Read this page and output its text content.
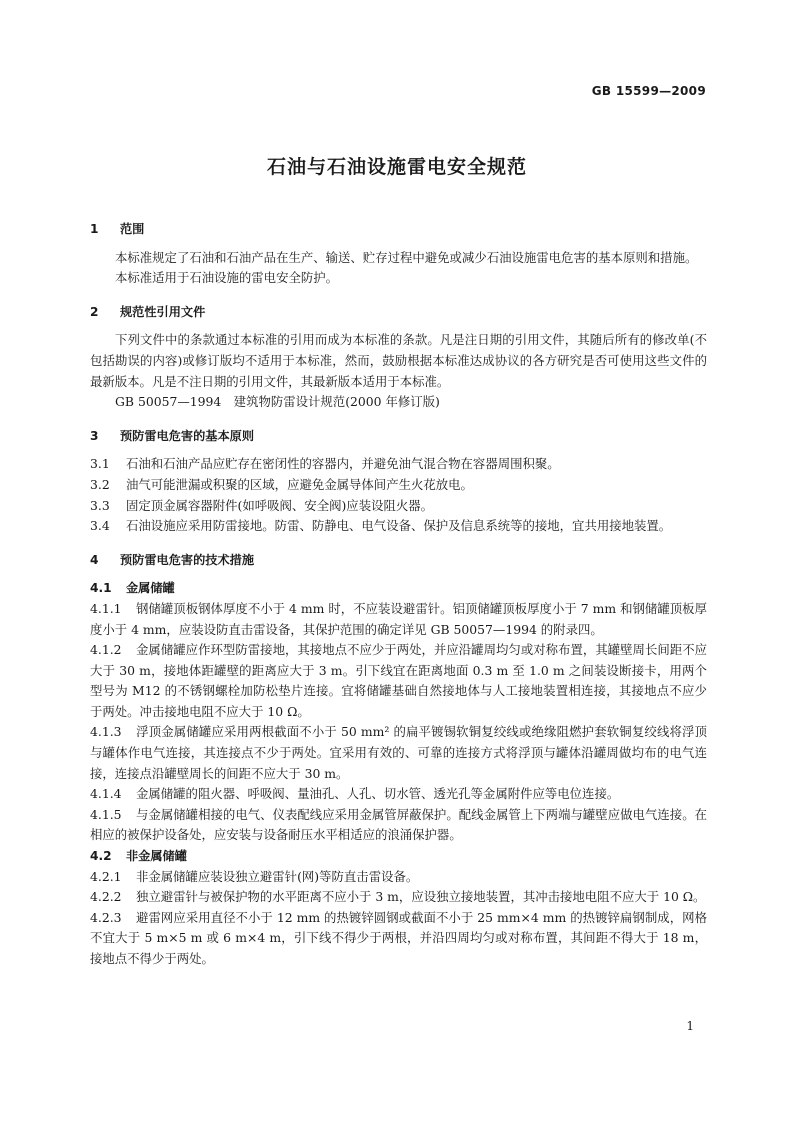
GB 15599—2009
石油与石油设施雷电安全规范
1 范围

本标准规定了石油和石油产品在生产、输送、贮存过程中避免或减少石油设施雷电危害的基本原则和措施。

本标准适用于石油设施的雷电安全防护。

2 规范性引用文件

下列文件中的条款通过本标准的引用而成为本标准的条款。凡是注日期的引用文件，其随后所有的修改单(不包括勘误的内容)或修订版均不适用于本标准，然而，鼓励根据本标准达成协议的各方研究是否可使用这些文件的最新版本。凡是不注日期的引用文件，其最新版本适用于本标准。

GB 50057—1994　建筑物防雷设计规范(2000 年修订版)

3 预防雷电危害的基本原则

3.1 石油和石油产品应贮存在密闭性的容器内，并避免油气混合物在容器周围积聚。

3.2 油气可能泄漏或积聚的区域，应避免金属导体间产生火花放电。

3.3 固定顶金属容器附件(如呼吸阀、安全阀)应装设阻火器。

3.4 石油设施应采用防雷接地。防雷、防静电、电气设备、保护及信息系统等的接地，宜共用接地装置。

4 预防雷电危害的技术措施
4.1 金属储罐

4.1.1 钢储罐顶板钢体厚度不小于 4 mm 时，不应装设避雷针。铝顶储罐顶板厚度小于 7 mm 和钢储罐顶板厚度小于 4 mm，应装设防直击雷设备，其保护范围的确定详见 GB 50057—1994 的附录四。

4.1.2 金属储罐应作环型防雷接地，其接地点不应少于两处，并应沿罐周均匀或对称布置，其罐壁周长间距不应大于 30 m，接地体距罐壁的距离应大于 3 m。引下线宜在距离地面 0.3 m 至 1.0 m 之间装设断接卡，用两个型号为 M12 的不锈钢螺栓加防松垫片连接。宜将储罐基础自然接地体与人工接地装置相连接，其接地点不应少于两处。冲击接地电阻不应大于 10 Ω。

4.1.3 浮顶金属储罐应采用两根截面不小于 50 mm² 的扁平镀锡软铜复绞线或绝缘阻燃护套软铜复绞线将浮顶与罐体作电气连接，其连接点不少于两处。宜采用有效的、可靠的连接方式将浮顶与罐体沿罐周做均布的电气连接，连接点沿罐壁周长的间距不应大于 30 m。

4.1.4 金属储罐的阻火器、呼吸阀、量油孔、人孔、切水管、透光孔等金属附件应等电位连接。

4.1.5 与金属储罐相接的电气、仪表配线应采用金属管屏蔽保护。配线金属管上下两端与罐壁应做电气连接。在相应的被保护设备处，应安装与设备耐压水平相适应的浪涌保护器。

4.2 非金属储罐

4.2.1 非金属储罐应装设独立避雷针(网)等防直击雷设备。

4.2.2 独立避雷针与被保护物的水平距离不应小于 3 m，应设独立接地装置，其冲击接地电阻不应大于 10 Ω。

4.2.3 避雷网应采用直径不小于 12 mm 的热镀锌圆钢或截面不小于 25 mm×4 mm 的热镀锌扁钢制成，网格不宜大于 5 m×5 m 或 6 m×4 m，引下线不得少于两根，并沿四周均匀或对称布置，其间距不得大于 18 m，接地点不得少于两处。

1
